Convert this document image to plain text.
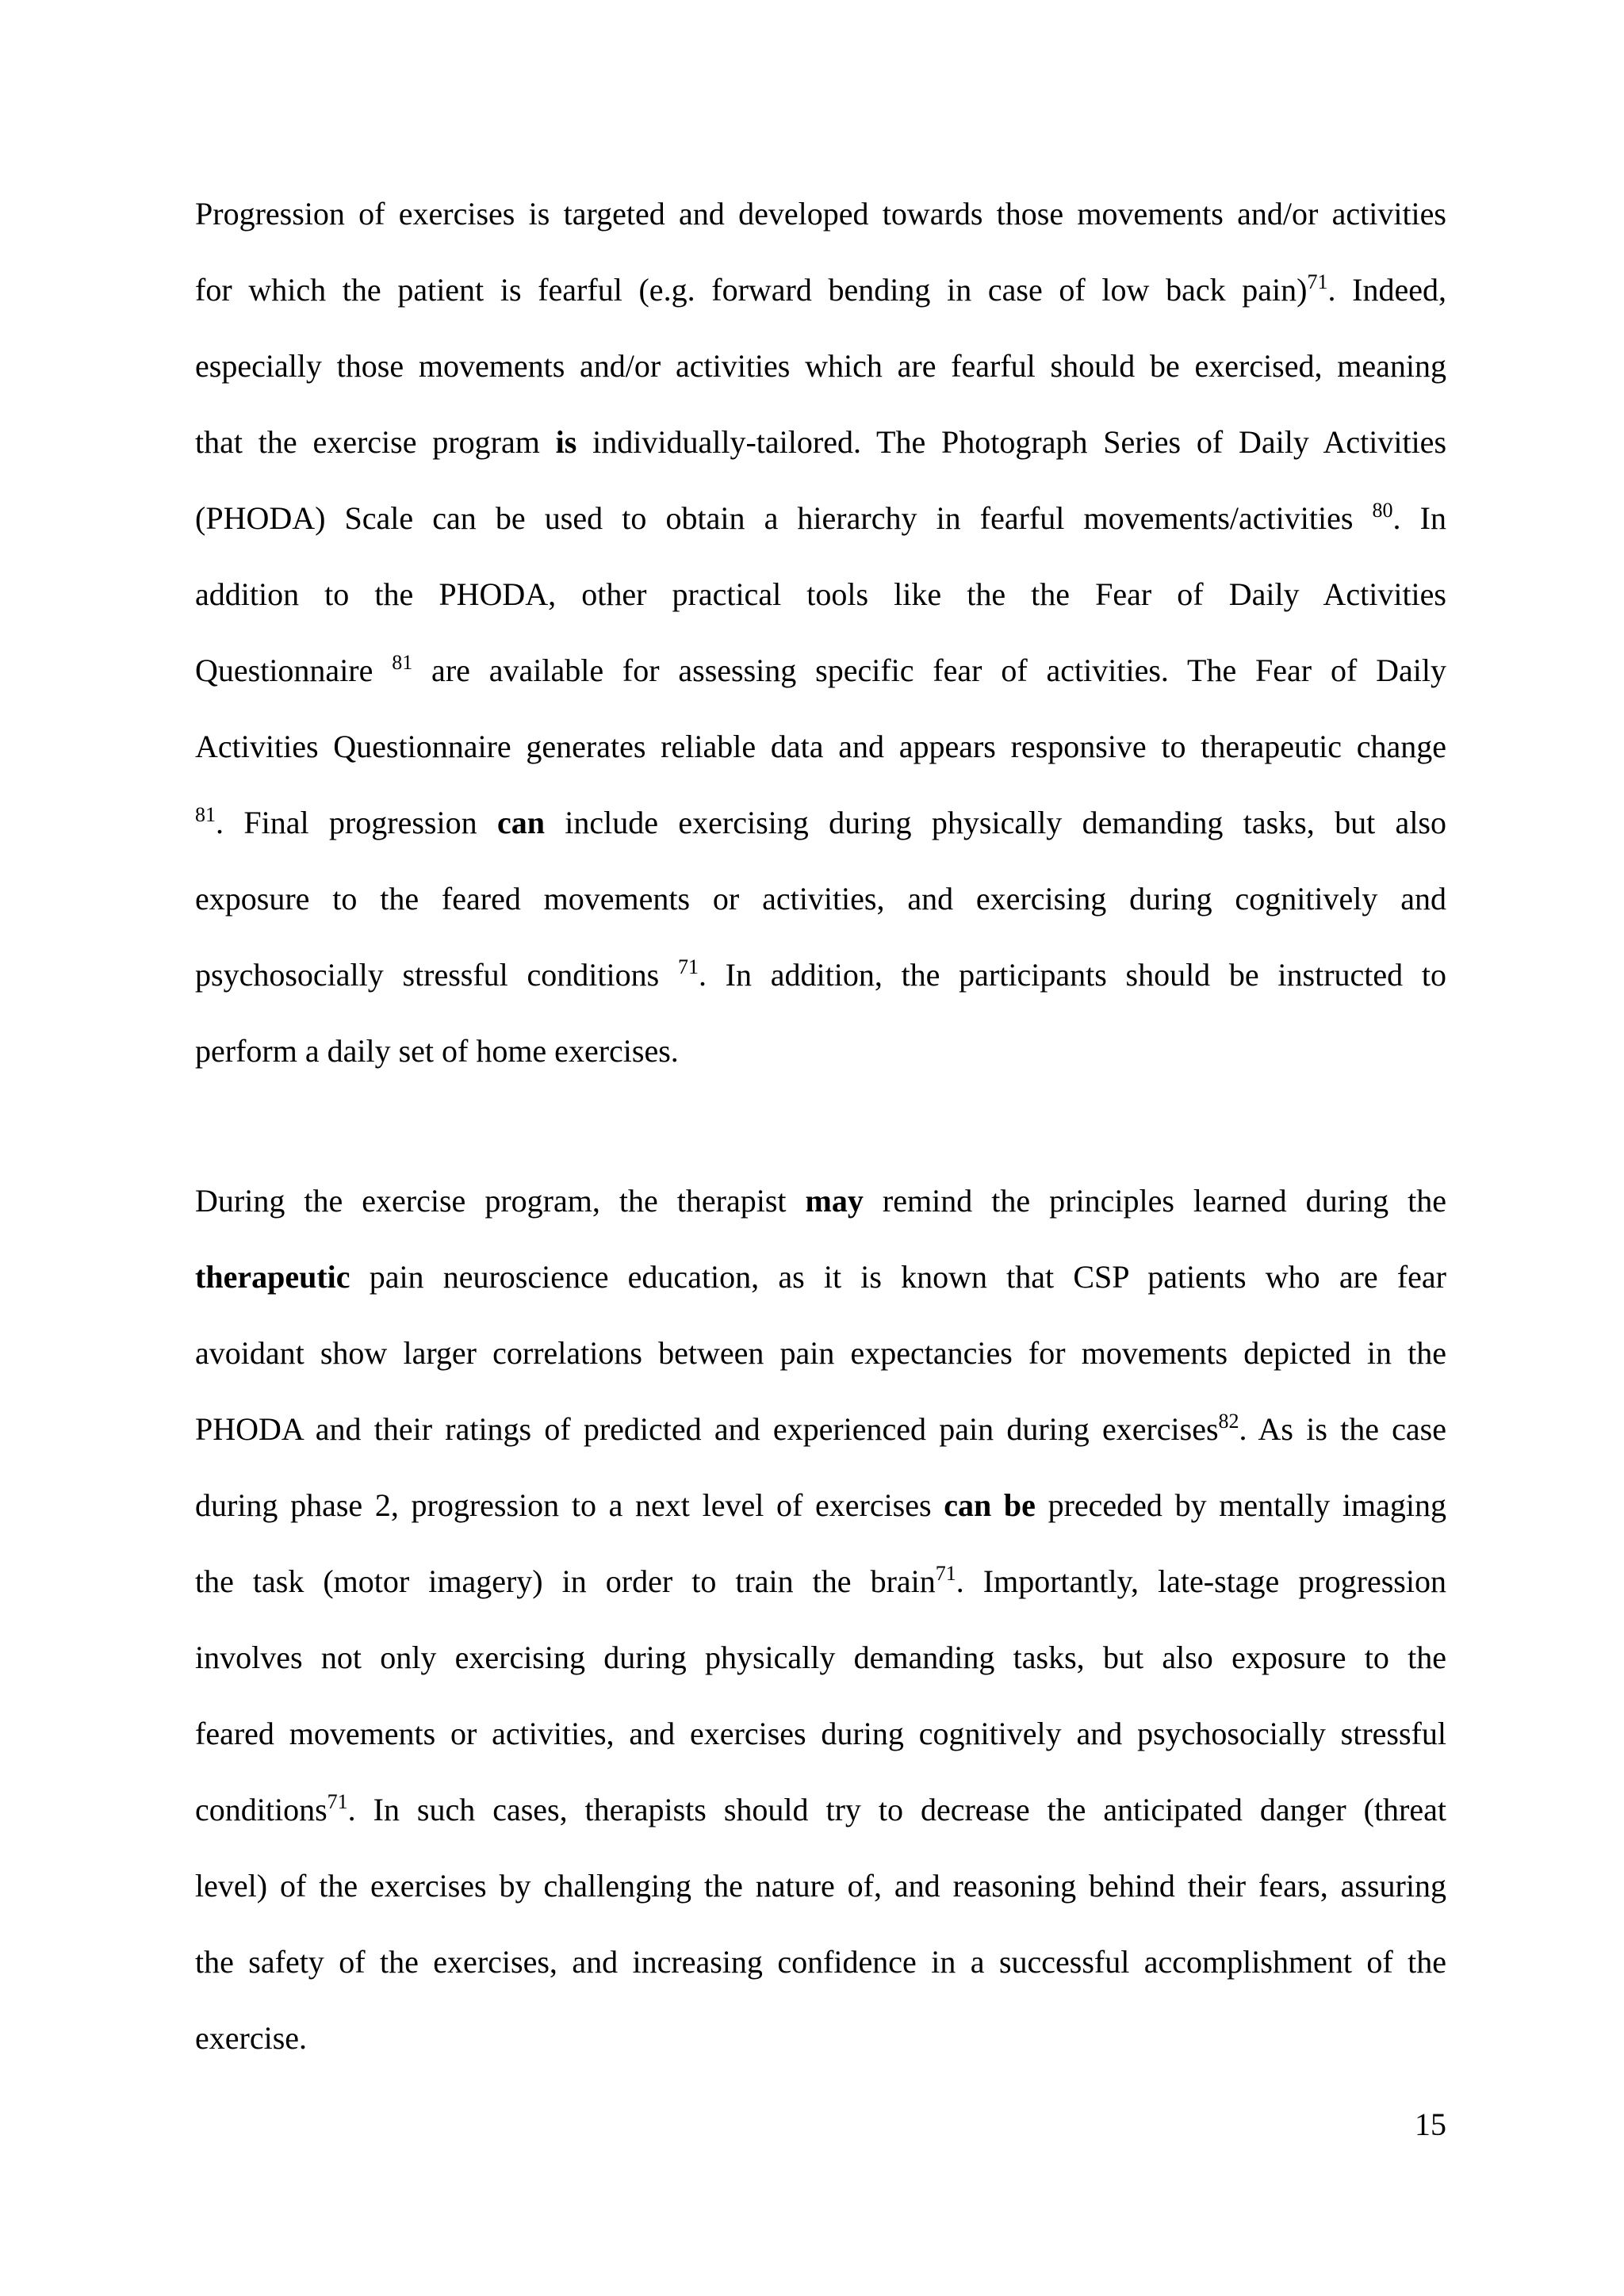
Progression of exercises is targeted and developed towards those movements and/or activities
for which the patient is fearful (e.g. forward bending in case of low back pain)$^{71}$. Indeed,
especially those movements and/or activities which are fearful should be exercised, meaning
that the exercise program is individually-tailored. The Photograph Series of Daily Activities
(PHODA) Scale can be used to obtain a hierarchy in fearful movements/activities $^{80}$. In
addition to the PHODA, other practical tools like the the Fear of Daily Activities
Questionnaire $^{81}$ are available for assessing specific fear of activities. The Fear of Daily
Activities Questionnaire generates reliable data and appears responsive to therapeutic change
$^{81}$. Final progression can include exercising during physically demanding tasks, but also
exposure to the feared movements or activities, and exercising during cognitively and
psychosocially stressful conditions $^{71}$. In addition, the participants should be instructed to
perform a daily set of home exercises.
During the exercise program, the therapist may remind the principles learned during the
therapeutic pain neuroscience education, as it is known that CSP patients who are fear
avoidant show larger correlations between pain expectancies for movements depicted in the
PHODA and their ratings of predicted and experienced pain during exercises$^{82}$. As is the case
during phase 2, progression to a next level of exercises can be preceded by mentally imaging
the task (motor imagery) in order to train the brain$^{71}$. Importantly, late-stage progression
involves not only exercising during physically demanding tasks, but also exposure to the
feared movements or activities, and exercises during cognitively and psychosocially stressful
conditions$^{71}$. In such cases, therapists should try to decrease the anticipated danger (threat
level) of the exercises by challenging the nature of, and reasoning behind their fears, assuring
the safety of the exercises, and increasing confidence in a successful accomplishment of the
exercise.
15
